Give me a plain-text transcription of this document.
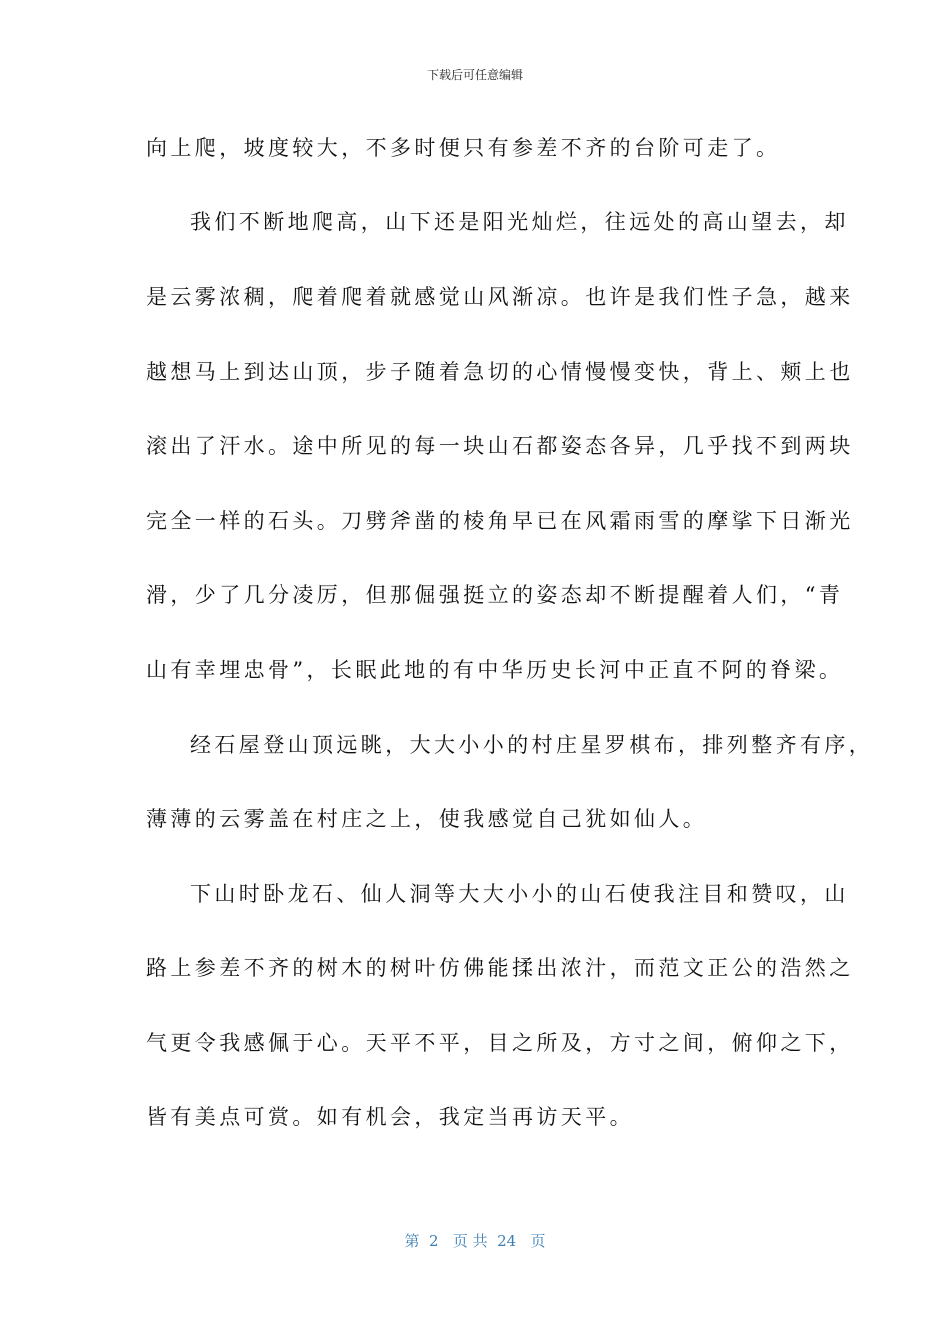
下载后可任意编辑
向上爬，坡度较大，不多时便只有参差不齐的台阶可走了。
我们不断地爬高，山下还是阳光灿烂，往远处的高山望去，却
是云雾浓稠，爬着爬着就感觉山风渐凉。也许是我们性子急，越来
越想马上到达山顶，步子随着急切的心情慢慢变快，背上、颊上也
滚出了汗水。途中所见的每一块山石都姿态各异，几乎找不到两块
完全一样的石头。刀劈斧凿的棱角早已在风霜雨雪的摩挲下日渐光
滑，少了几分凌厉，但那倔强挺立的姿态却不断提醒着人们，“青
山有幸埋忠骨”，长眠此地的有中华历史长河中正直不阿的脊梁。
经石屋登山顶远眺，大大小小的村庄星罗棋布，排列整齐有序，
薄薄的云雾盖在村庄之上，使我感觉自己犹如仙人。
下山时卧龙石、仙人洞等大大小小的山石使我注目和赞叹，山
路上参差不齐的树木的树叶仿佛能揉出浓汁，而范文正公的浩然之
气更令我感佩于心。天平不平，目之所及，方寸之间，俯仰之下，
皆有美点可赏。如有机会，我定当再访天平。
第  2   页 共  24   页
